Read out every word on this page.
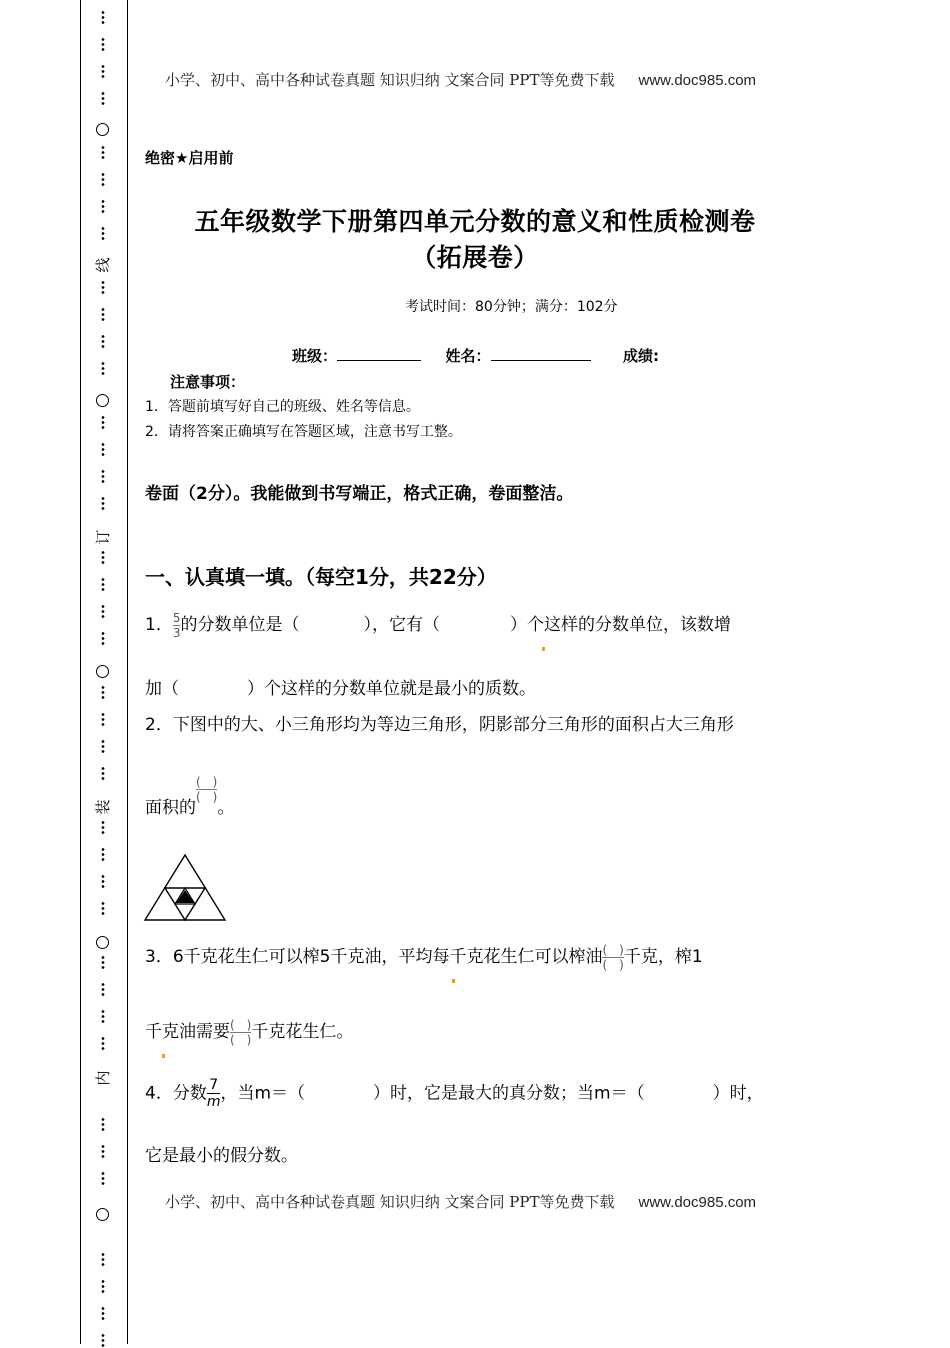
线
订
装
内
小学、初中、高中各种试卷真题 知识归纳 文案合同 PPT等免费下载 www.doc985.com
绝密★启用前
五年级数学下册第四单元分数的意义和性质检测卷
（拓展卷）
考试时间：80分钟；满分：102分
班级：	姓名：	成绩:
注意事项：
1．答题前填写好自己的班级、姓名等信息。
2．请将答案正确填写在答题区域，注意书写工整。
卷面（2分）。我能做到书写端正，格式正确，卷面整洁。
一、认真填一填。（每空1分，共22分）
1． $\frac{5}{3}$ 的分数单位是（	），它有（	）个这样的分数单位，该数增
加（　　　　）个这样的分数单位就是最小的质数。
2．下图中的大、小三角形均为等边三角形，阴影部分三角形的面积占大三角形
面积的
$\frac{( )}{( )}$
。
3．6千克花生仁可以榨5千克油，平均每千克花生仁可以榨油 $\frac{( )}{( )}$ 千克，榨1
千克油需要 $\frac{( )}{( )}$ 千克花生仁。
4．分数 $\frac{7}{m}$ ，当m＝（　　　　）时，它是最大的真分数；当m＝（　　　　）时，
它是最小的假分数。
小学、初中、高中各种试卷真题 知识归纳 文案合同 PPT等免费下载 www.doc985.com
